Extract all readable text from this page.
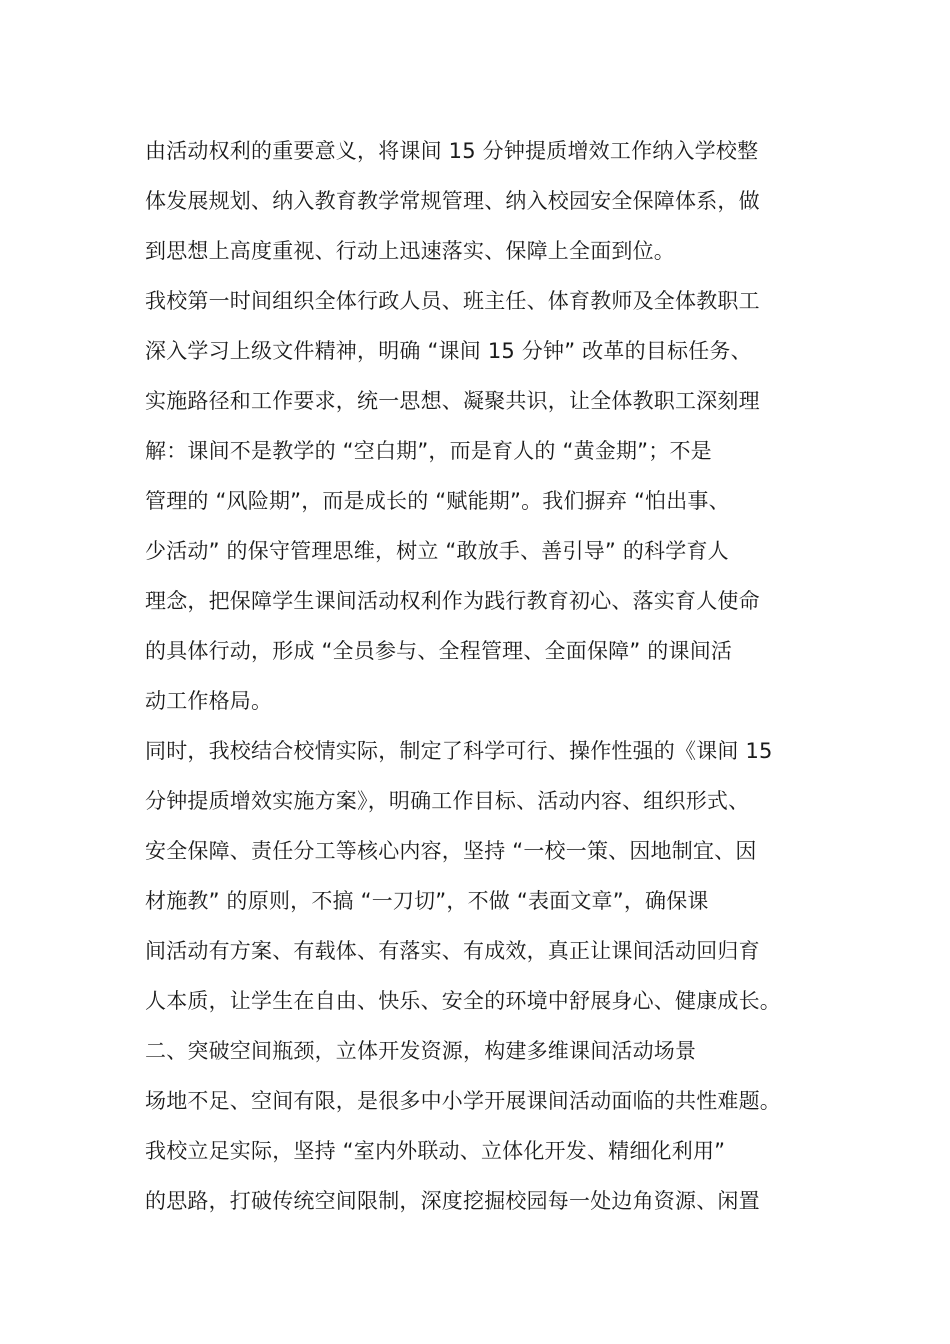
由活动权利的重要意义，将课间 15 分钟提质增效工作纳入学校整
体发展规划、纳入教育教学常规管理、纳入校园安全保障体系，做
到思想上高度重视、行动上迅速落实、保障上全面到位。
我校第一时间组织全体行政人员、班主任、体育教师及全体教职工
深入学习上级文件精神，明确 “课间 15 分钟” 改革的目标任务、
实施路径和工作要求，统一思想、凝聚共识，让全体教职工深刻理
解：课间不是教学的 “空白期”，而是育人的 “黄金期”；不是
管理的 “风险期”，而是成长的 “赋能期”。我们摒弃 “怕出事、
少活动” 的保守管理思维，树立 “敢放手、善引导” 的科学育人
理念，把保障学生课间活动权利作为践行教育初心、落实育人使命
的具体行动，形成 “全员参与、全程管理、全面保障” 的课间活
动工作格局。
同时，我校结合校情实际，制定了科学可行、操作性强的《课间 15
分钟提质增效实施方案》，明确工作目标、活动内容、组织形式、
安全保障、责任分工等核心内容，坚持 “一校一策、因地制宜、因
材施教” 的原则，不搞 “一刀切”，不做 “表面文章”，确保课
间活动有方案、有载体、有落实、有成效，真正让课间活动回归育
人本质，让学生在自由、快乐、安全的环境中舒展身心、健康成长。
二、突破空间瓶颈，立体开发资源，构建多维课间活动场景
场地不足、空间有限，是很多中小学开展课间活动面临的共性难题。
我校立足实际，坚持 “室内外联动、立体化开发、精细化利用”
的思路，打破传统空间限制，深度挖掘校园每一处边角资源、闲置
